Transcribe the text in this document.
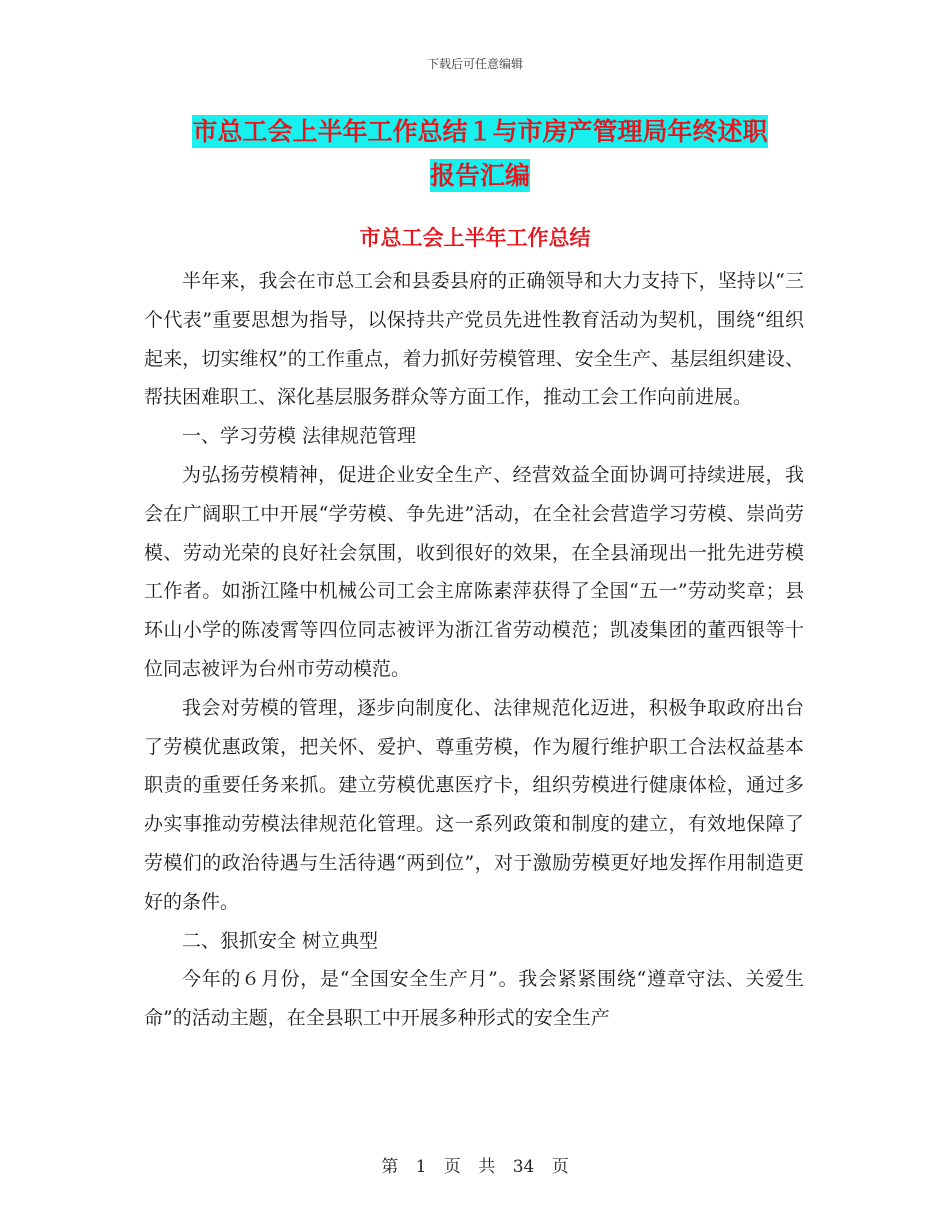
下载后可任意编辑
市总工会上半年工作总结１与市房产管理局年终述职
报告汇编
市总工会上半年工作总结

半年来，我会在市总工会和县委县府的正确领导和大力支持下，坚持以“三个代表”重要思想为指导，以保持共产党员先进性教育活动为契机，围绕“组织起来，切实维权”的工作重点，着力抓好劳模管理、安全生产、基层组织建设、帮扶困难职工、深化基层服务群众等方面工作，推动工会工作向前进展。

一、学习劳模 法律规范管理

为弘扬劳模精神，促进企业安全生产、经营效益全面协调可持续进展，我会在广阔职工中开展“学劳模、争先进”活动，在全社会营造学习劳模、崇尚劳模、劳动光荣的良好社会氛围，收到很好的效果，在全县涌现出一批先进劳模工作者。如浙江隆中机械公司工会主席陈素萍获得了全国“五一”劳动奖章；县环山小学的陈凌霄等四位同志被评为浙江省劳动模范；凯凌集团的董西银等十位同志被评为台州市劳动模范。

我会对劳模的管理，逐步向制度化、法律规范化迈进，积极争取政府出台了劳模优惠政策，把关怀、爱护、尊重劳模，作为履行维护职工合法权益基本职责的重要任务来抓。建立劳模优惠医疗卡，组织劳模进行健康体检，通过多办实事推动劳模法律规范化管理。这一系列政策和制度的建立，有效地保障了劳模们的政治待遇与生活待遇“两到位”，对于激励劳模更好地发挥作用制造更好的条件。

二、狠抓安全 树立典型

今年的６月份，是“全国安全生产月”。我会紧紧围绕“遵章守法、关爱生命”的活动主题，在全县职工中开展多种形式的安全生产

第 1 页 共 34 页
